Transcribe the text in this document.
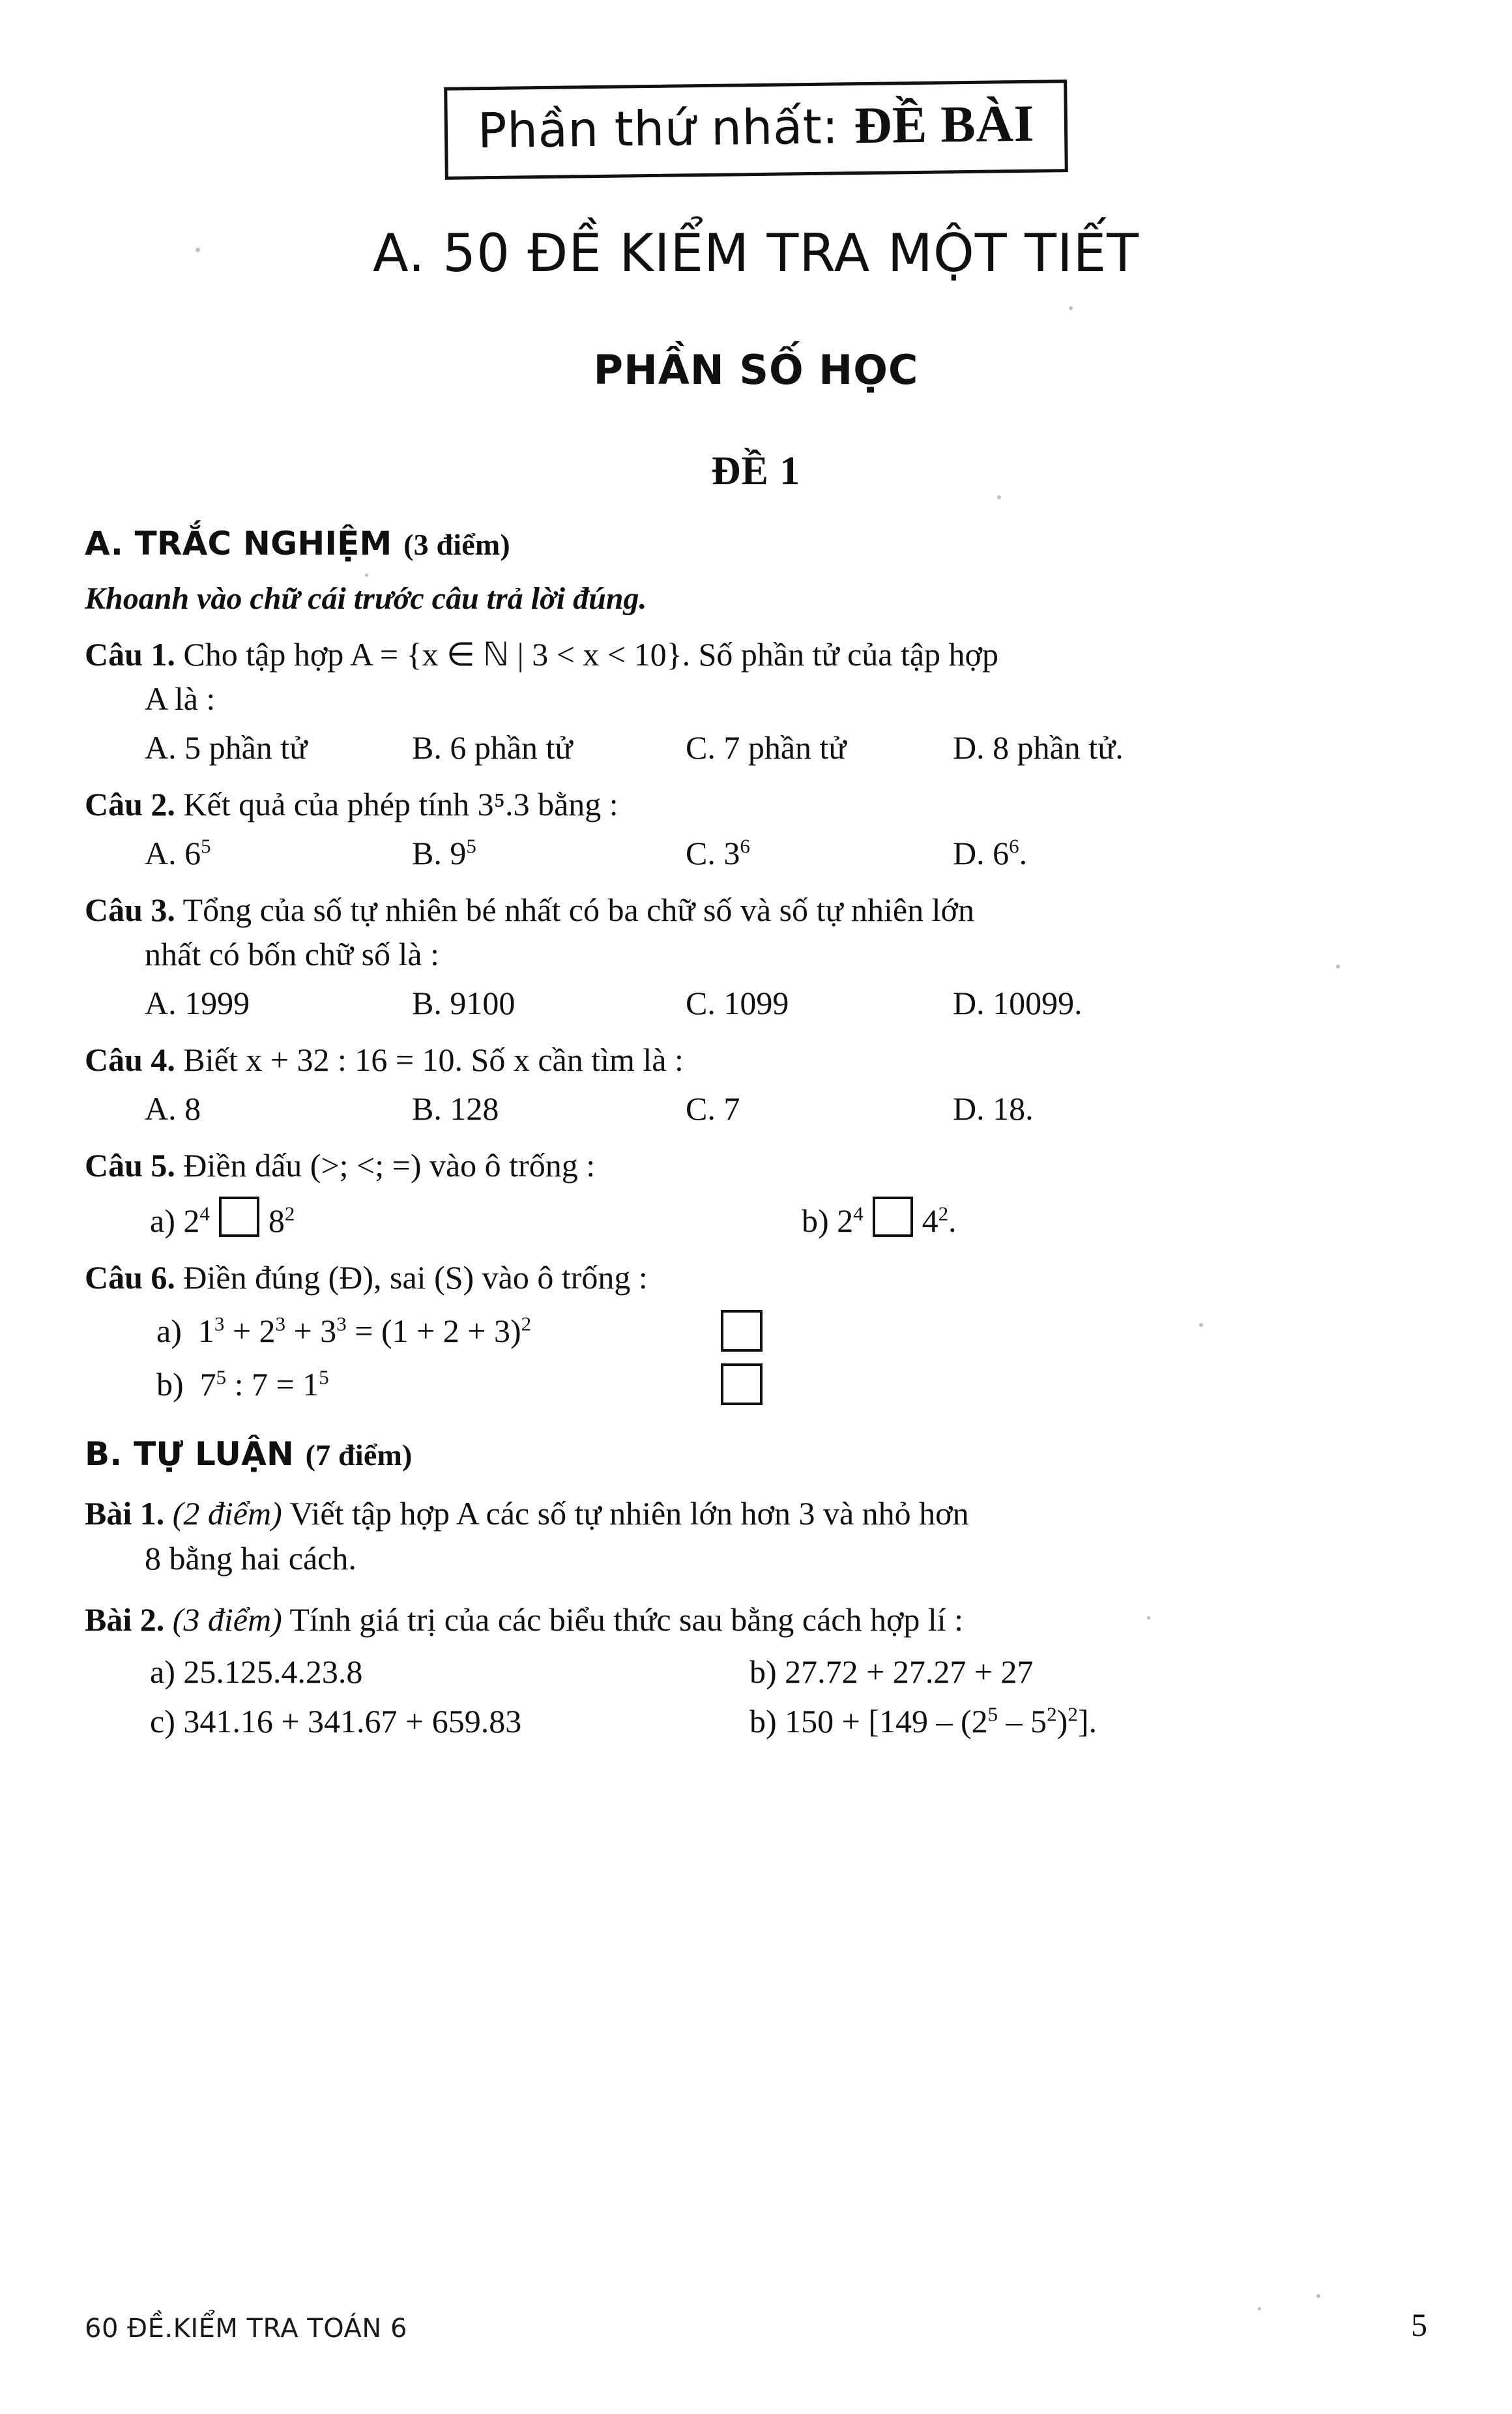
Phần thứ nhất: ĐỀ BÀI
A. 50 ĐỀ KIỂM TRA MỘT TIẾT
PHẦN SỐ HỌC
ĐỀ 1
A. TRẮC NGHIỆM (3 điểm)
Khoanh vào chữ cái trước câu trả lời đúng.
Câu 1. Cho tập hợp A = {x ∈ ℕ | 3 < x < 10}. Số phần tử của tập hợp
A là :
A. 5 phần tử	B. 6 phần tử	C. 7 phần tử	D. 8 phần tử.
Câu 2. Kết quả của phép tính 3⁵.3 bằng :
A. $6^5$	B. $9^5$	C. $3^6$	D. $6^6$.
Câu 3. Tổng của số tự nhiên bé nhất có ba chữ số và số tự nhiên lớn
nhất có bốn chữ số là :
A. 1999	B. 9100	C. 1099	D. 10099.
Câu 4. Biết x + 32 : 16 = 10. Số x cần tìm là :
A. 8	B. 128	C. 7	D. 18.
Câu 5. Điền dấu (>; <; =) vào ô trống :
a) $2^4$ $8^2$	b) $2^4$ $4^2$.
Câu 6. Điền đúng (Đ), sai (S) vào ô trống :
a)  $1^3 + 2^3 + 3^3 = (1 + 2 + 3)^2$
b)  $7^5$ : $7 = 1^5$
B. TỰ LUẬN (7 điểm)
Bài 1. (2 điểm) Viết tập hợp A các số tự nhiên lớn hơn 3 và nhỏ hơn
8 bằng hai cách.
Bài 2. (3 điểm) Tính giá trị của các biểu thức sau bằng cách hợp lí :
a) 25.125.4.23.8	b) 27.72 + 27.27 + 27
c) 341.16 + 341.67 + 659.83	b) $150 + [149 - (2^5 - 5^2)^2]$.
60 ĐỀ.KIỂM TRA TOÁN 6	5
